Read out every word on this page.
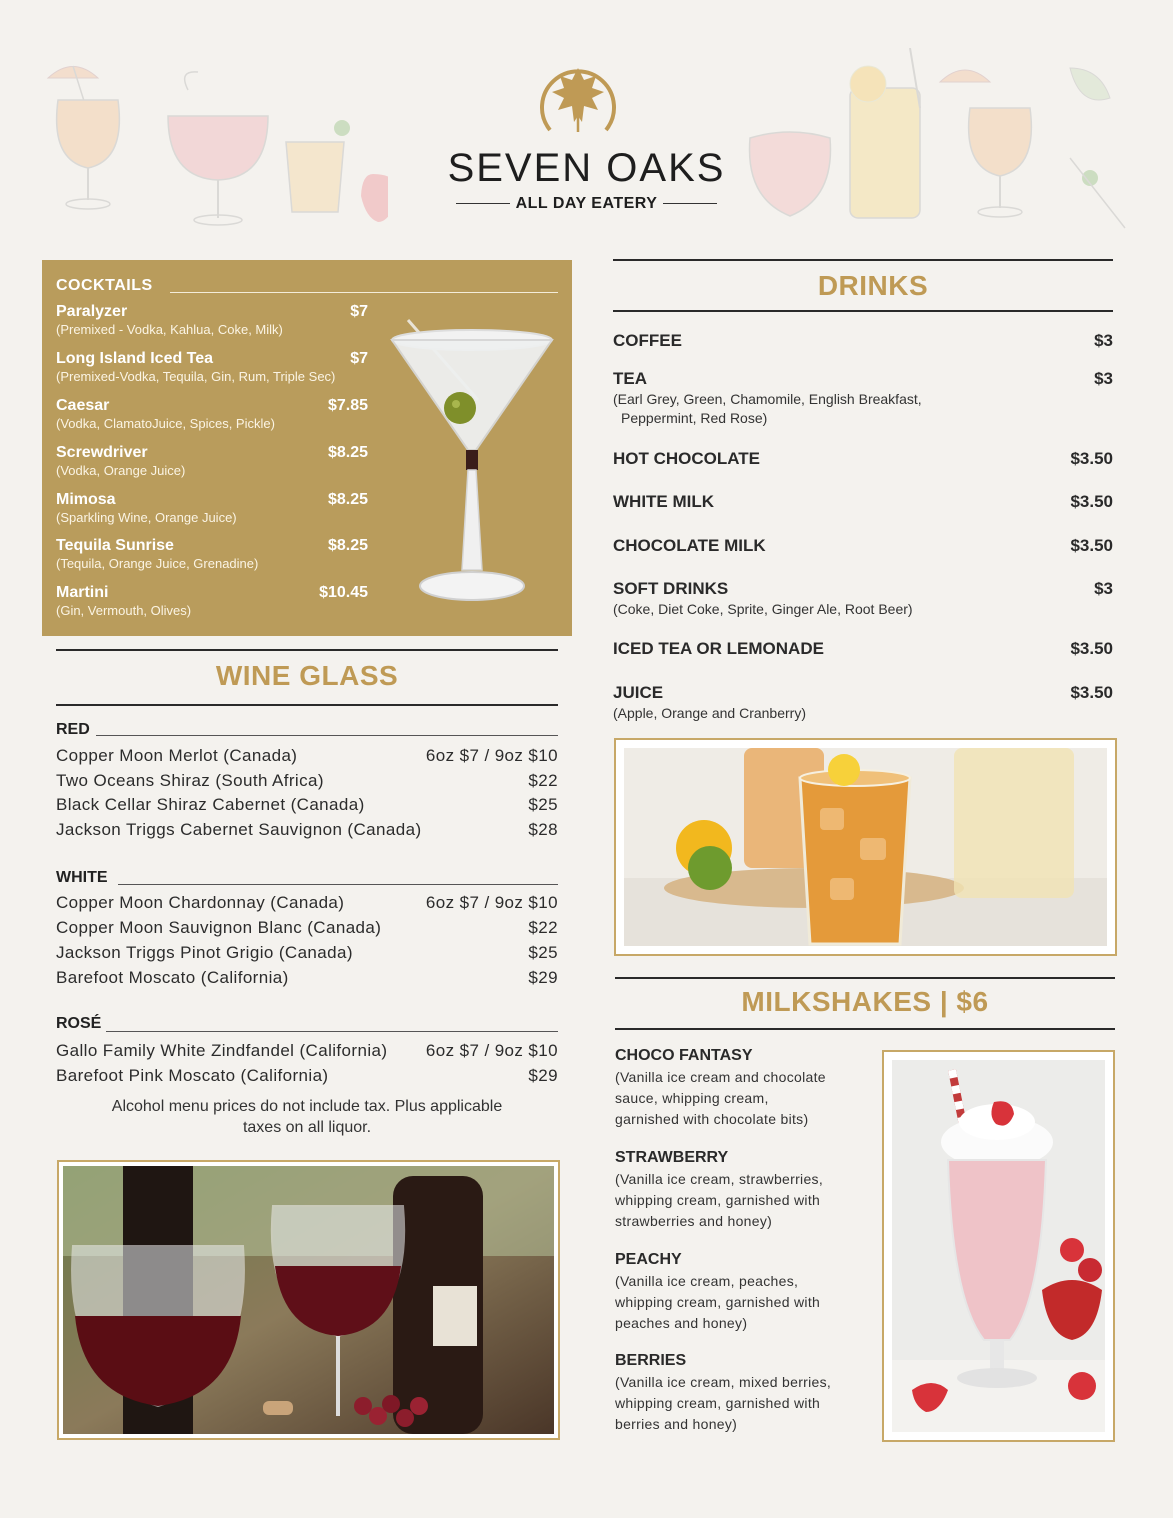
SEVEN OAKS
ALL DAY EATERY
COCKTAILS
Paralyzer	$7
(Premixed - Vodka, Kahlua, Coke, Milk)
Long Island Iced Tea	$7
(Premixed-Vodka, Tequila, Gin, Rum, Triple Sec)
Caesar	$7.85
(Vodka, ClamatoJuice, Spices, Pickle)
Screwdriver	$8.25
(Vodka, Orange Juice)
Mimosa	$8.25
(Sparkling Wine, Orange Juice)
Tequila Sunrise	$8.25
(Tequila, Orange Juice, Grenadine)
Martini	$10.45
(Gin, Vermouth, Olives)
WINE GLASS
RED
Copper Moon Merlot (Canada)	6oz $7 / 9oz $10
Two Oceans Shiraz (South Africa)	$22
Black Cellar Shiraz Cabernet (Canada)	$25
Jackson Triggs Cabernet Sauvignon (Canada)	$28
WHITE
Copper Moon Chardonnay (Canada)	6oz $7 / 9oz $10
Copper Moon Sauvignon Blanc (Canada)	$22
Jackson Triggs Pinot Grigio (Canada)	$25
Barefoot Moscato (California)	$29
ROSÉ
Gallo Family White Zindfandel (California) 6oz $7 / 9oz $10
Barefoot Pink Moscato (California)	$29
Alcohol menu prices do not include tax. Plus applicable
taxes on all liquor.
DRINKS
COFFEE	$3
TEA	$3
(Earl Grey, Green, Chamomile, English Breakfast,
Peppermint, Red Rose)
HOT CHOCOLATE	$3.50
WHITE MILK	$3.50
CHOCOLATE MILK	$3.50
SOFT DRINKS	$3
(Coke, Diet Coke, Sprite, Ginger Ale, Root Beer)
ICED TEA OR LEMONADE	$3.50
JUICE	$3.50
(Apple, Orange and Cranberry)
MILKSHAKES | $6
CHOCO FANTASY
(Vanilla ice cream and chocolate
sauce, whipping cream,
garnished with chocolate bits)
STRAWBERRY
(Vanilla ice cream, strawberries,
whipping cream, garnished with
strawberries and honey)
PEACHY
(Vanilla ice cream, peaches,
whipping cream, garnished with
peaches and honey)
BERRIES
(Vanilla ice cream, mixed berries,
whipping cream, garnished with
berries and honey)
